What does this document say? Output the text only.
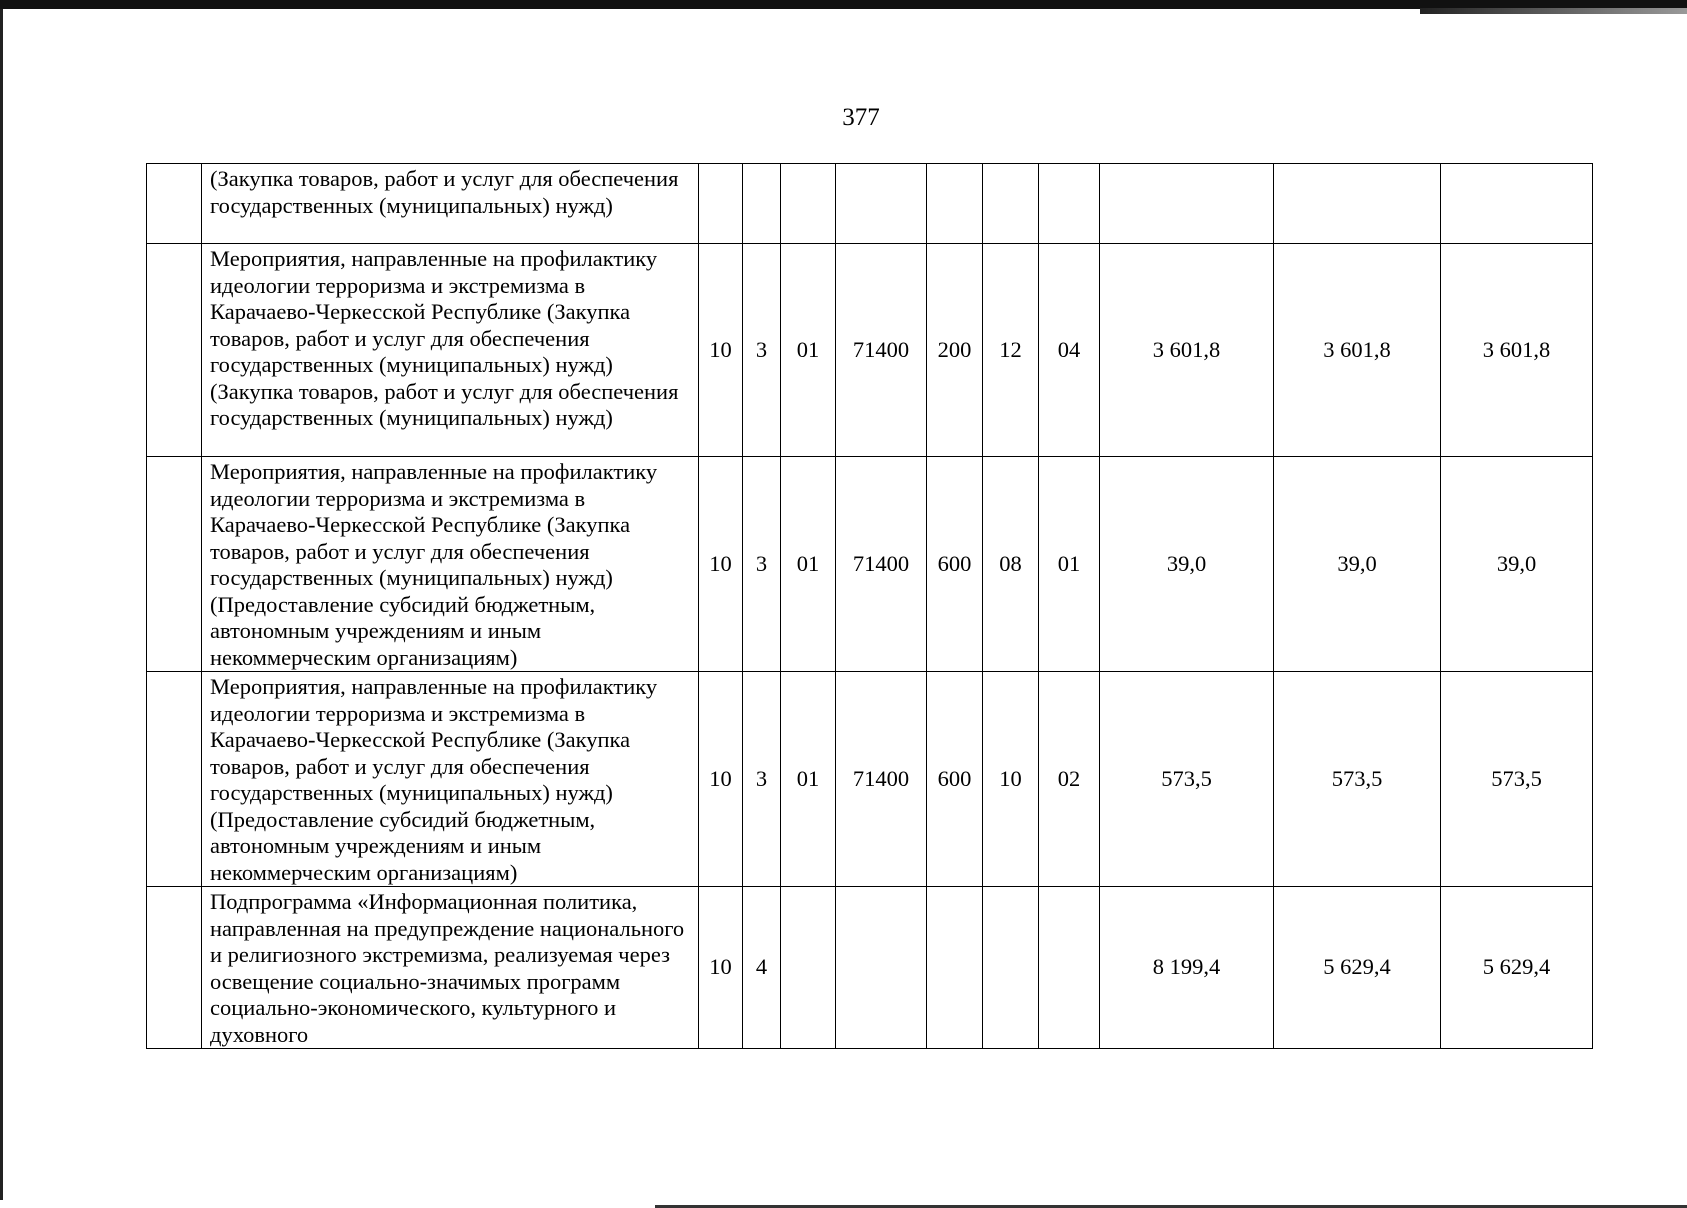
377
	(Закупка товаров, работ и услуг для обеспечения государственных (муниципальных) нужд)										
	Мероприятия, направленные на профилактику идеологии терроризма и экстремизма в Карачаево-Черкесской Республике (Закупка товаров, работ и услуг для обеспечения государственных (муниципальных) нужд) (Закупка товаров, работ и услуг для обеспечения государственных (муниципальных) нужд)	10	3	01	71400	200	12	04	3 601,8	3 601,8	3 601,8
	Мероприятия, направленные на профилактику идеологии терроризма и экстремизма в Карачаево-Черкесской Республике (Закупка товаров, работ и услуг для обеспечения государственных (муниципальных) нужд) (Предоставление субсидий бюджетным, автономным учреждениям и иным некоммерческим организациям)	10	3	01	71400	600	08	01	39,0	39,0	39,0
	Мероприятия, направленные на профилактику идеологии терроризма и экстремизма в Карачаево-Черкесской Республике (Закупка товаров, работ и услуг для обеспечения государственных (муниципальных) нужд) (Предоставление субсидий бюджетным, автономным учреждениям и иным некоммерческим организациям)	10	3	01	71400	600	10	02	573,5	573,5	573,5
	Подпрограмма «Информационная политика, направленная на предупреждение национального и религиозного экстремизма, реализуемая через освещение социально-значимых программ социально-экономического, культурного и духовного	10	4						8 199,4	5 629,4	5 629,4
